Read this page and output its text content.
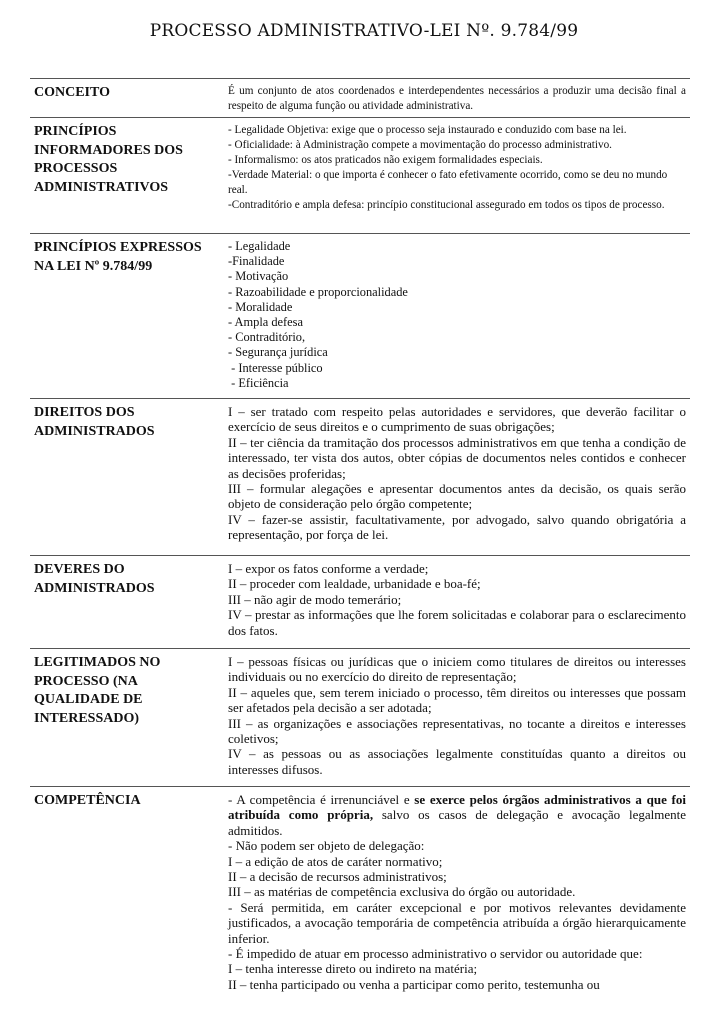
PROCESSO ADMINISTRATIVO-LEI Nº. 9.784/99
CONCEITO	É um conjunto de atos coordenados e interdependentes necessários a produzir uma decisão final a respeito de alguma função ou atividade administrativa.

PRINCÍPIOS INFORMADORES DOS PROCESSOS ADMINISTRATIVOS

- Legalidade Objetiva: exige que o processo seja instaurado e conduzido com base na lei.

- Oficialidade: à Administração compete a movimentação do processo administrativo.

- Informalismo: os atos praticados não exigem formalidades especiais.

-Verdade Material: o que importa é conhecer o fato efetivamente ocorrido, como se deu no mundo real.

-Contraditório e ampla defesa: princípio constitucional assegurado em todos os tipos de processo.

PRINCÍPIOS EXPRESSOS NA LEI Nº 9.784/99

- Legalidade

-Finalidade

- Motivação

- Razoabilidade e proporcionalidade

- Moralidade

- Ampla defesa

- Contraditório,

- Segurança jurídica

- Interesse público

- Eficiência

DIREITOS DOS ADMINISTRADOS

I – ser tratado com respeito pelas autoridades e servidores, que deverão facilitar o exercício de seus direitos e o cumprimento de suas obrigações;

II – ter ciência da tramitação dos processos administrativos em que tenha a condição de interessado, ter vista dos autos, obter cópias de documentos neles contidos e conhecer as decisões proferidas;

III – formular alegações e apresentar documentos antes da decisão, os quais serão objeto de consideração pelo órgão competente;

IV – fazer-se assistir, facultativamente, por advogado, salvo quando obrigatória a representação, por força de lei.

DEVERES DO ADMINISTRADOS

I – expor os fatos conforme a verdade;

II – proceder com lealdade, urbanidade e boa-fé;

III – não agir de modo temerário;

IV – prestar as informações que lhe forem solicitadas e colaborar para o esclarecimento dos fatos.

LEGITIMADOS NO PROCESSO (NA QUALIDADE DE INTERESSADO)

I – pessoas físicas ou jurídicas que o iniciem como titulares de direitos ou interesses individuais ou no exercício do direito de representação;

II – aqueles que, sem terem iniciado o processo, têm direitos ou interesses que possam ser afetados pela decisão a ser adotada;

III – as organizações e associações representativas, no tocante a direitos e interesses coletivos;

IV – as pessoas ou as associações legalmente constituídas quanto a direitos ou interesses difusos.

COMPETÊNCIA	- A competência é irrenunciável e se exerce pelos órgãos administrativos a que foi atribuída como própria, salvo os casos de delegação e avocação legalmente admitidos.

- Não podem ser objeto de delegação:

I – a edição de atos de caráter normativo;

II – a decisão de recursos administrativos;

III – as matérias de competência exclusiva do órgão ou autoridade.

- Será permitida, em caráter excepcional e por motivos relevantes devidamente justificados, a avocação temporária de competência atribuída a órgão hierarquicamente inferior.

- É impedido de atuar em processo administrativo o servidor ou autoridade que:

I – tenha interesse direto ou indireto na matéria;

II – tenha participado ou venha a participar como perito, testemunha ou
